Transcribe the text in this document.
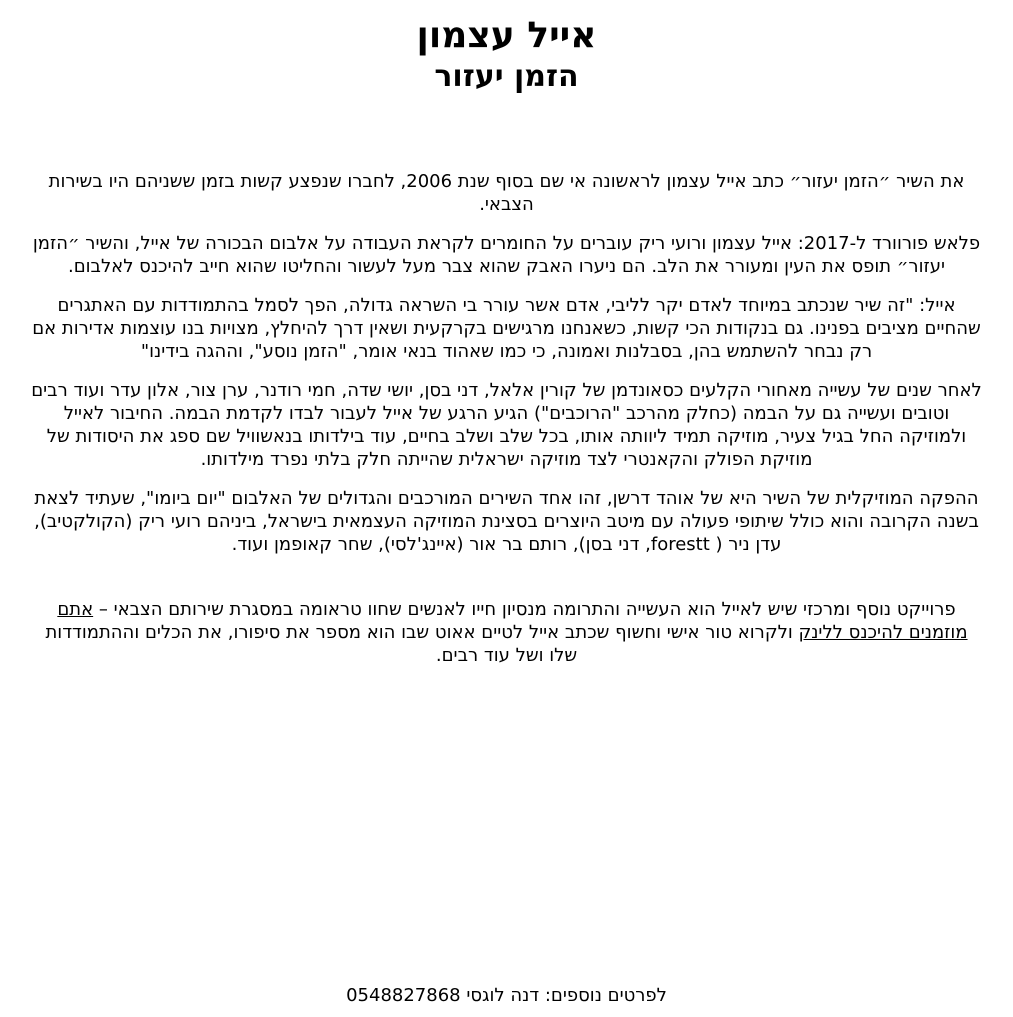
אייל עצמון
הזמן יעזור

את השיר ״הזמן יעזור״ כתב אייל עצמון לראשונה אי שם בסוף שנת 2006, לחברו שנפצע קשות בזמן ששניהם היו בשירות הצבאי.

פלאש פורוורד ל-2017: אייל עצמון ורועי ריק עוברים על החומרים לקראת העבודה על אלבום הבכורה של אייל, והשיר ״הזמן יעזור״ תופס את העין ומעורר את הלב. הם ניערו האבק שהוא צבר מעל לעשור והחליטו שהוא חייב להיכנס לאלבום.

אייל: "זה שיר שנכתב במיוחד לאדם יקר לליבי, אדם אשר עורר בי השראה גדולה, הפך לסמל בהתמודדות עם האתגרים שהחיים מציבים בפנינו. גם בנקודות הכי קשות, כשאנחנו מרגישים בקרקעית ושאין דרך להיחלץ, מצויות בנו עוצמות אדירות אם רק נבחר להשתמש בהן, בסבלנות ואמונה, כי כמו שאהוד בנאי אומר, "הזמן נוסע", וההגה בידינו"

לאחר שנים של עשייה מאחורי הקלעים כסאונדמן של קורין אלאל, דני בסן, יושי שדה, חמי רודנר, ערן צור, אלון עדר ועוד רבים וטובים ועשייה גם על הבמה (כחלק מהרכב "הרוכבים") הגיע הרגע של אייל לעבור לבדו לקדמת הבמה. החיבור לאייל ולמוזיקה החל בגיל צעיר, מוזיקה תמיד ליוותה אותו, בכל שלב ושלב בחיים, עוד בילדותו בנאשוויל שם ספג את היסודות של מוזיקת הפולק והקאנטרי לצד מוזיקה ישראלית שהייתה חלק בלתי נפרד מילדותו.

ההפקה המוזיקלית של השיר היא של אוהד דרשן, זהו אחד השירים המורכבים והגדולים של האלבום "יום ביומו", שעתיד לצאת בשנה הקרובה והוא כולל שיתופי פעולה עם מיטב היוצרים בסצינת המוזיקה העצמאית בישראל, ביניהם רועי ריק (הקולקטיב), עדן ניר ( forestt, דני בסן), רותם בר אור (איינג'לסי), שחר קאופמן ועוד.

פרוייקט נוסף ומרכזי שיש לאייל הוא העשייה והתרומה מנסיון חייו לאנשים שחוו טראומה במסגרת שירותם הצבאי – אתם מוזמנים להיכנס ללינק ולקרוא טור אישי וחשוף שכתב אייל לטיים אאוט שבו הוא מספר את סיפורו, את הכלים וההתמודדות שלו ושל עוד רבים.

לפרטים נוספים: דנה לוגסי 0548827868
